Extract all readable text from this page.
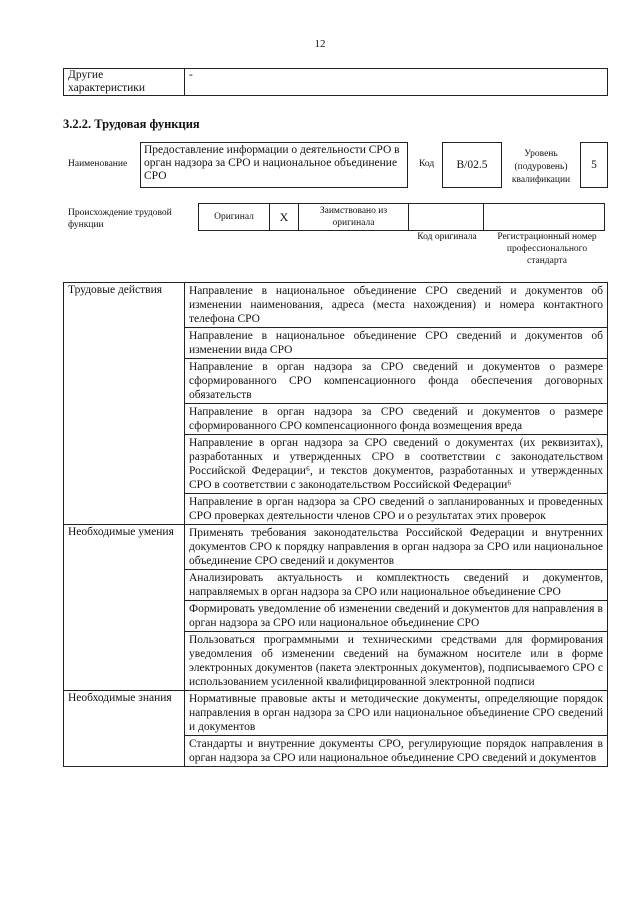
12
Другие характеристики	-
3.2.2. Трудовая функция
Наименование
Предоставление информации о деятельности СРО в орган надзора за СРО и национальное объединение СРО
Код	B/02.5
Уровень (подуровень) квалификации
5
Происхождение трудовой функции
Оригинал	X	Заимствовано из оригинала		
Код оригинала	Регистрационный номер профессионального стандарта
Трудовые действия	Направление в национальное объединение СРО сведений и документов об изменении наименования, адреса (места нахождения) и номера контактного телефона СРО
	Направление в национальное объединение СРО сведений и документов об изменении вида СРО
	Направление в орган надзора за СРО сведений и документов о размере сформированного СРО компенсационного фонда обеспечения договорных обязательств
	Направление в орган надзора за СРО сведений и документов о размере сформированного СРО компенсационного фонда возмещения вреда
	Направление в орган надзора за СРО сведений о документах (их реквизитах), разработанных и утвержденных СРО в соответствии с законодательством Российской Федерации⁶, и текстов документов, разработанных и утвержденных СРО в соответствии с законодательством Российской Федерации⁶
	Направление в орган надзора за СРО сведений о запланированных и проведенных СРО проверках деятельности членов СРО и о результатах этих проверок
Необходимые умения	Применять требования законодательства Российской Федерации и внутренних документов СРО к порядку направления в орган надзора за СРО или национальное объединение СРО сведений и документов
	Анализировать актуальность и комплектность сведений и документов, направляемых в орган надзора за СРО или национальное объединение СРО
	Формировать уведомление об изменении сведений и документов для направления в орган надзора за СРО или национальное объединение СРО
	Пользоваться программными и техническими средствами для формирования уведомления об изменении сведений на бумажном носителе или в форме электронных документов (пакета электронных документов), подписываемого СРО с использованием усиленной квалифицированной электронной подписи
Необходимые знания	Нормативные правовые акты и методические документы, определяющие порядок направления в орган надзора за СРО или национальное объединение СРО сведений и документов
	Стандарты и внутренние документы СРО, регулирующие порядок направления в орган надзора за СРО или национальное объединение СРО сведений и документов
